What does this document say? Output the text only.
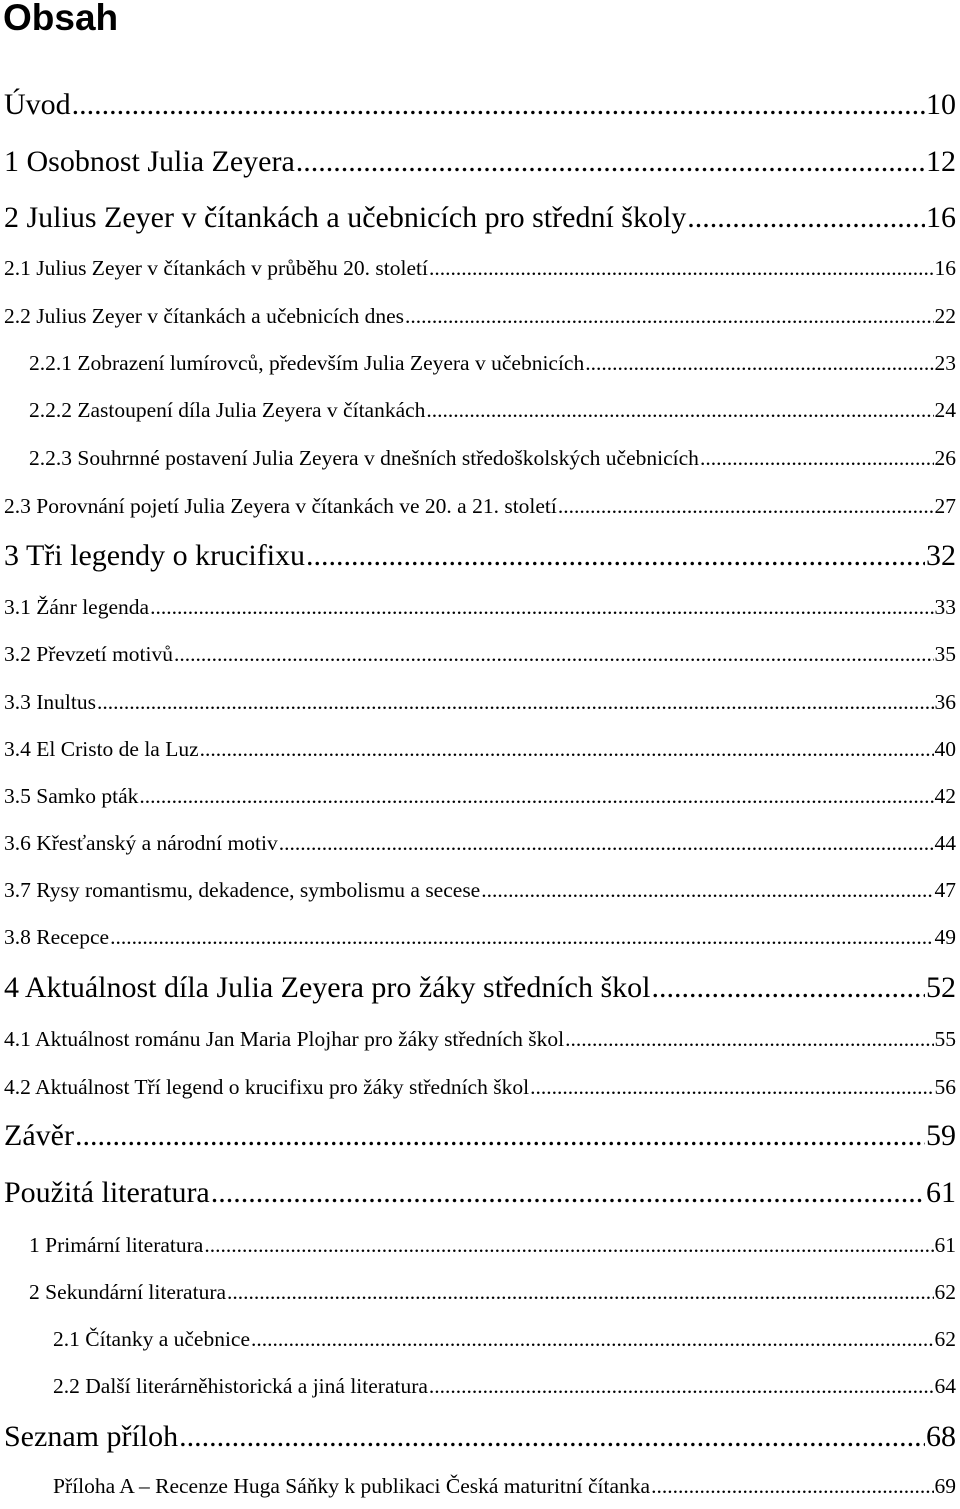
Obsah
Úvod .....	10
1 Osobnost Julia Zeyera .....	12
2 Julius Zeyer v čítankách a učebnicích pro střední školy .....	16
2.1 Julius Zeyer v čítankách v průběhu 20. století .....	16
2.2 Julius Zeyer v čítankách a učebnicích dnes .....	22
2.2.1 Zobrazení lumírovců, především Julia Zeyera v učebnicích .....	23
2.2.2 Zastoupení díla Julia Zeyera v čítankách .....	24
2.2.3 Souhrnné postavení Julia Zeyera v dnešních středoškolských učebnicích .....	26
2.3 Porovnání pojetí Julia Zeyera v čítankách ve 20. a 21. století .....	27
3 Tři legendy o krucifixu .....	32
3.1 Žánr legenda .....	33
3.2 Převzetí motivů .....	35
3.3 Inultus .....	36
3.4 El Cristo de la Luz .....	40
3.5 Samko pták .....	42
3.6 Křesťanský a národní motiv .....	44
3.7 Rysy romantismu, dekadence, symbolismu a secese .....	47
3.8 Recepce .....	49
4 Aktuálnost díla Julia Zeyera pro žáky středních škol .....	52
4.1 Aktuálnost románu Jan Maria Plojhar pro žáky středních škol .....	55
4.2 Aktuálnost Tří legend o krucifixu pro žáky středních škol .....	56
Závěr .....	59
Použitá literatura .....	61
1 Primární literatura .....	61
2 Sekundární literatura .....	62
2.1 Čítanky a učebnice .....	62
2.2 Další literárněhistorická a jiná literatura .....	64
Seznam příloh .....	68
Příloha A – Recenze Huga Sáňky k publikaci Česká maturitní čítanka .....	69
